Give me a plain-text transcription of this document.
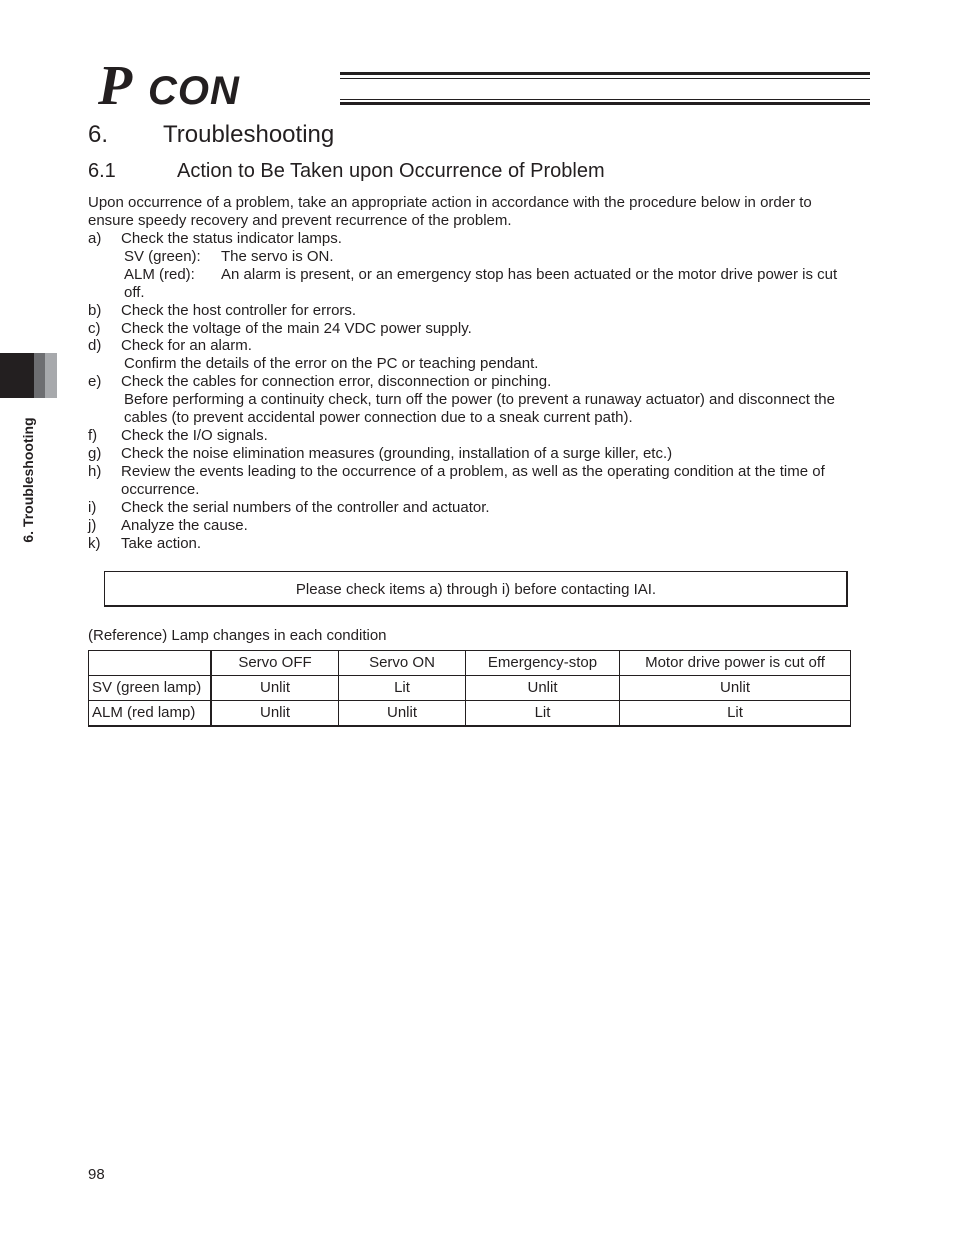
P CON
6. Troubleshooting
6. Troubleshooting
6.1	Action to Be Taken upon Occurrence of Problem
Upon occurrence of a problem, take an appropriate action in accordance with the procedure below in order to
ensure speedy recovery and prevent recurrence of the problem.
a) Check the status indicator lamps.
SV (green): The servo is ON.
ALM (red): An alarm is present, or an emergency stop has been actuated or the motor drive power is cut
off.
b) Check the host controller for errors.
c) Check the voltage of the main 24 VDC power supply.
d) Check for an alarm.
Confirm the details of the error on the PC or teaching pendant.
e) Check the cables for connection error, disconnection or pinching.
Before performing a continuity check, turn off the power (to prevent a runaway actuator) and disconnect the
cables (to prevent accidental power connection due to a sneak current path).
f) Check the I/O signals.
g) Check the noise elimination measures (grounding, installation of a surge killer, etc.)
h) Review the events leading to the occurrence of a problem, as well as the operating condition at the time of
occurrence.
i) Check the serial numbers of the controller and actuator.
j) Analyze the cause.
k) Take action.
Please check items a) through i) before contacting IAI.
(Reference) Lamp changes in each condition
	Servo OFF	Servo ON	Emergency-stop	Motor drive power is cut off
SV (green lamp)	Unlit	Lit	Unlit	Unlit
ALM (red lamp)	Unlit	Unlit	Lit	Lit
98
